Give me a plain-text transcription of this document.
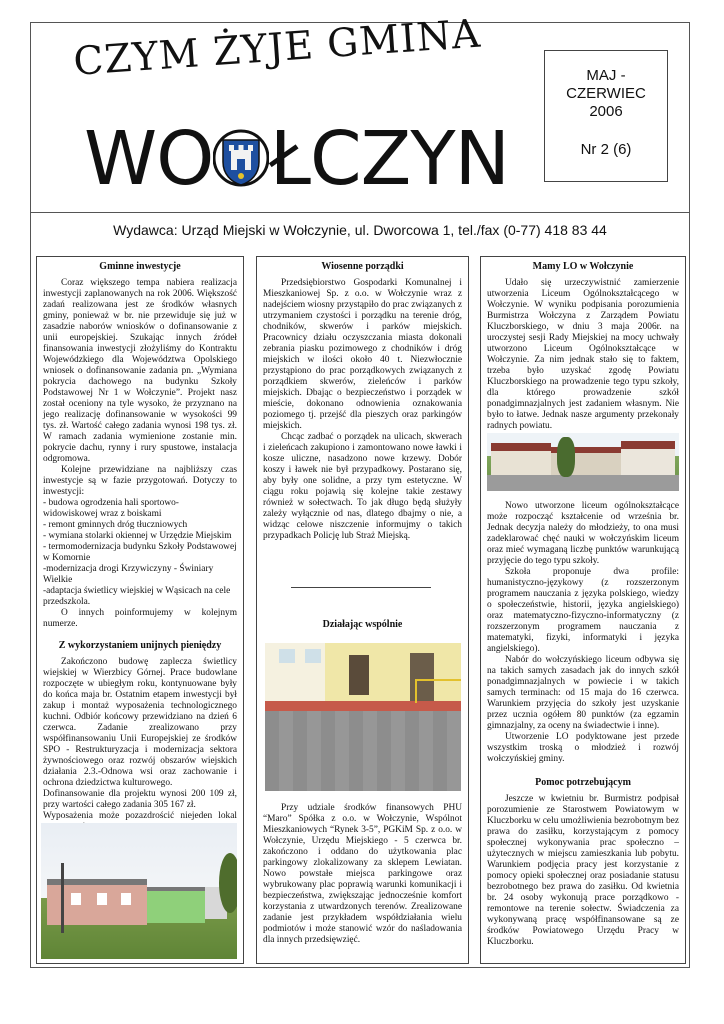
CZYM ŻYJE GMINA
WO ŁCZYN
MAJ -
CZERWIEC
2006
Nr 2 (6)
Wydawca: Urząd Miejski w Wołczynie, ul. Dworcowa 1, tel./fax (0-77) 418 83 44
Gminne inwestycje

Coraz większego tempa nabiera realizacja inwestycji zaplanowanych na rok 2006. Większość zadań realizowana jest ze środków własnych gminy, ponieważ w br. nie przewiduje się już w zasadzie naborów wniosków o dofinansowanie z unii europejskiej. Szukając innych źródeł finansowania inwestycji złożyliśmy do Kontraktu Wojewódzkiego dla Województwa Opolskiego wniosek o dofinansowanie zadania pn. „Wymiana pokrycia dachowego na budynku Szkoły Podstawowej Nr 1 w Wołczynie”. Projekt nasz został oceniony na tyle wysoko, że przyznano na jego realizację dofinansowanie w wysokości 99 tys. zł. Wartość całego zadania wynosi 198 tys. zł. W ramach zadania wymienione zostanie min. pokrycie dachu, rynny i rury spustowe, instalacja odgromowa.

Kolejne przewidziane na najbliższy czas inwestycje są w fazie przygotowań. Dotyczy to inwestycji:

- budowa ogrodzenia hali sportowo-
widowiskowej wraz z boiskami
- remont gminnych dróg tłuczniowych
- wymiana stolarki okiennej w Urzędzie Miejskim
- termomodernizacja budynku Szkoły Podstawowej
w Komornie
-modernizacja drogi Krzywiczyny - Świniary
Wielkie
-adaptacja świetlicy wiejskiej w Wąsicach na cele
przedszkola.

O innych poinformujemy w kolejnym numerze.

Z wykorzystaniem unijnych pieniędzy

Zakończono budowę zaplecza świetlicy wiejskiej w Wierzbicy Górnej. Prace budowlane rozpoczęte w ubiegłym roku, kontynuowane były do końca maja br. Ostatnim etapem inwestycji był zakup i montaż wyposażenia technologicznego kuchni. Odbiór końcowy przewidziano na dzień 6 czerwca. Zadanie zrealizowano przy współfinansowaniu Unii Europejskiej ze środków SPO - Restrukturyzacja i modernizacja sektora żywnościowego oraz rozwój obszarów wiejskich działania 2.3.-Odnowa wsi oraz zachowanie i ochrona dziedzictwa kulturowego.

Dofinansowanie dla projektu wynosi 200 109 zł, przy wartości całego zadania 305 167 zł.

Wyposażenia może pozazdrościć niejeden lokal

Wiosenne porządki

Przedsiębiorstwo Gospodarki Komunalnej i Mieszkaniowej Sp. z o.o. w Wołczynie wraz z nadejściem wiosny przystąpiło do prac związanych z utrzymaniem czystości i porządku na terenie dróg, chodników, skwerów i parków miejskich. Pracownicy działu oczyszczania miasta dokonali zebrania piasku pozimowego z chodników i dróg miejskich w ilości około 40 t. Niezwłocznie przystąpiono do prac porządkowych związanych z porządkiem skwerów, zieleńców i parków miejskich. Dbając o bezpieczeństwo i porządek w mieście, dokonano odnowienia oznakowania poziomego tj. przejść dla pieszych oraz parkingów miejskich.

Chcąc zadbać o porządek na ulicach, skwerach i zieleńcach zakupiono i zamontowano nowe ławki i kosze uliczne, nasadzono nowe krzewy. Dobór koszy i ławek nie był przypadkowy. Postarano się, aby były one solidne, a przy tym estetyczne. W ciągu roku pojawią się kolejne takie zestawy również w sołectwach. To jak długo będą służyły zależy wyłącznie od nas, dlatego dbajmy o nie, a widząc celowe niszczenie informujmy o takich przypadkach Policję lub Straż Miejską.

Działając wspólnie

Przy udziale środków finansowych PHU “Maro” Spółka z o.o. w Wołczynie, Wspólnot Mieszkaniowych “Rynek 3-5”, PGKiM Sp. z o.o. w Wołczynie, Urzędu Miejskiego - 5 czerwca br. zakończono i oddano do użytkowania plac parkingowy zlokalizowany za sklepem Lewiatan. Nowo powstałe miejsca parkingowe oraz wybrukowany plac poprawią warunki komunikacji i bezpieczeństwa, zwiększając jednocześnie komfort korzystania z utwardzonych terenów. Zrealizowane zadanie jest przykładem współdziałania wielu podmiotów i może stanowić wzór do naśladowania dla innych przedsięwzięć.

Mamy LO w Wołczynie

Udało się urzeczywistnić zamierzenie utworzenia Liceum Ogólnokształcącego w Wołczynie. W wyniku podpisania porozumienia Burmistrza Wołczyna z Zarządem Powiatu Kluczborskiego, w dniu 3 maja 2006r. na uroczystej sesji Rady Miejskiej na mocy uchwały utworzono Liceum Ogólnokształcące w Wołczynie. Za nim jednak stało się to faktem, trzeba było uzyskać zgodę Powiatu Kluczborskiego na prowadzenie tego typu szkoły, dla którego prowadzenie szkół ponadgimnazjalnych jest zadaniem własnym. Nie było to łatwe. Jednak nasze argumenty przekonały radnych powiatu.

Nowo utworzone liceum ogólnokształcące może rozpocząć kształcenie od września br. Jednak decyzja należy do młodzieży, to ona musi zadeklarować chęć nauki w wołczyńskim liceum oraz mieć wymaganą liczbę punktów warunkującą przyjęcie do tego typu szkoły.

Szkoła proponuje dwa profile: humanistyczno-językowy (z rozszerzonym programem nauczania z języka polskiego, wiedzy o społeczeństwie, historii, języka angielskiego) oraz matematyczno-fizyczno-informatyczny (z rozszerzonym programem nauczania z matematyki, fizyki, informatyki i języka angielskiego).

Nabór do wołczyńskiego liceum odbywa się na takich samych zasadach jak do innych szkół ponadgimnazjalnych w powiecie i w takich samych terminach: od 15 maja do 16 czerwca. Warunkiem przyjęcia do szkoły jest uzyskanie przez ucznia ogółem 80 punktów (za egzamin gimnazjalny, za oceny na świadectwie i inne).

Utworzenie LO podyktowane jest przede wszystkim troską o młodzież i rozwój wołczyńskiej gminy.

Pomoc potrzebującym

Jeszcze w kwietniu br. Burmistrz podpisał porozumienie ze Starostwem Powiatowym w Kluczborku w celu umożliwienia bezrobotnym bez prawa do zasiłku, korzystającym z pomocy społecznej wykonywania prac społeczno – użytecznych w miejscu zamieszkania lub pobytu. Warunkiem podjęcia pracy jest korzystanie z pomocy opieki społecznej oraz posiadanie statusu bezrobotnego bez prawa do zasiłku. Od kwietnia br. 24 osoby wykonują prace porządkowo - remontowe na terenie sołectw. Świadczenia za wykonywaną pracę współfinansowane są ze środków Powiatowego Urzędu Pracy w Kluczborku.
